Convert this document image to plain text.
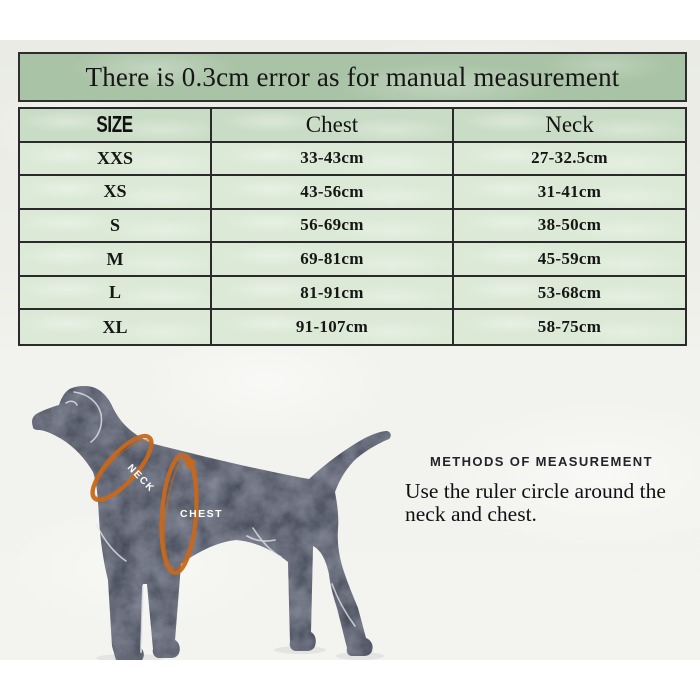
There is 0.3cm error as for manual measurement
SIZE	Chest	Neck
XXS	33-43cm	27-32.5cm
XS	43-56cm	31-41cm
S	56-69cm	38-50cm
M	69-81cm	45-59cm
L	81-91cm	53-68cm
XL	91-107cm	58-75cm
METHODS OF MEASUREMENT
Use the ruler circle around the neck and chest.
NECK
CHEST
